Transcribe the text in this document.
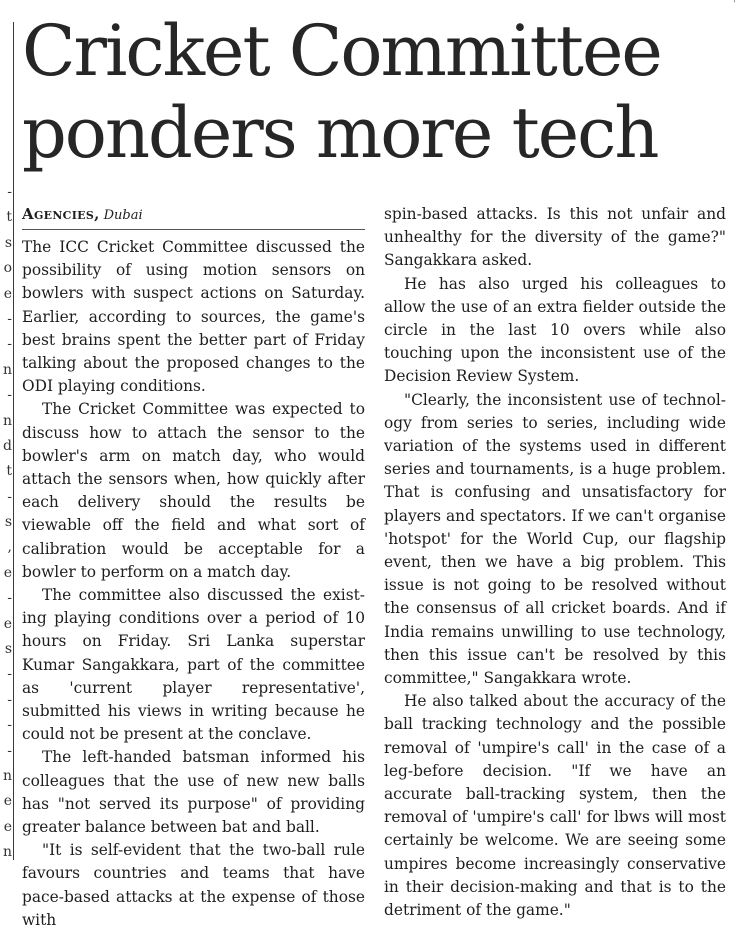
-
t
s
o
e
-
-
n
-
n
d
t
-
s
,
e
-
e
s
-
-
-
-
n
e
e
n
'
Cricket Committee
ponders more tech
Agencies, Dubai

The ICC Cricket Committee discussed the possibility of using motion sensors on bowlers with suspect actions on Saturday. Earlier, according to sources, the game's best brains spent the better part of Friday talking about the proposed changes to the ODI playing conditions.

The Cricket Committee was expected to discuss how to attach the sensor to the bowler's arm on match day, who would attach the sensors when, how quickly after each delivery should the results be viewable off the field and what sort of calibration would be acceptable for a bowler to perform on a match day.

The committee also discussed the existing playing conditions over a period of 10 hours on Friday. Sri Lanka superstar Kumar Sangakkara, part of the committee as 'current player representative', submitted his views in writing because he could not be present at the conclave.

The left-handed batsman informed his colleagues that the use of new new balls has "not served its purpose" of providing greater balance between bat and ball.

"It is self-evident that the two-ball rule favours countries and teams that have pace-based attacks at the expense of those with

spin-based attacks. Is this not unfair and unhealthy for the diversity of the game?" Sangakkara asked.

He has also urged his colleagues to allow the use of an extra fielder outside the circle in the last 10 overs while also touching upon the inconsistent use of the Decision Review System.

"Clearly, the inconsistent use of technology from series to series, including wide variation of the systems used in different series and tournaments, is a huge problem. That is confusing and unsatisfactory for players and spectators. If we can't organise 'hotspot' for the World Cup, our flagship event, then we have a big problem. This issue is not going to be resolved without the consensus of all cricket boards. And if India remains unwilling to use technology, then this issue can't be resolved by this committee," Sangakkara wrote.

He also talked about the accuracy of the ball tracking technology and the possible removal of 'umpire's call' in the case of a leg-before decision. "If we have an accurate ball-tracking system, then the removal of 'umpire's call' for lbws will most certainly be welcome. We are seeing some umpires become increasingly conservative in their decision-making and that is to the detriment of the game."
